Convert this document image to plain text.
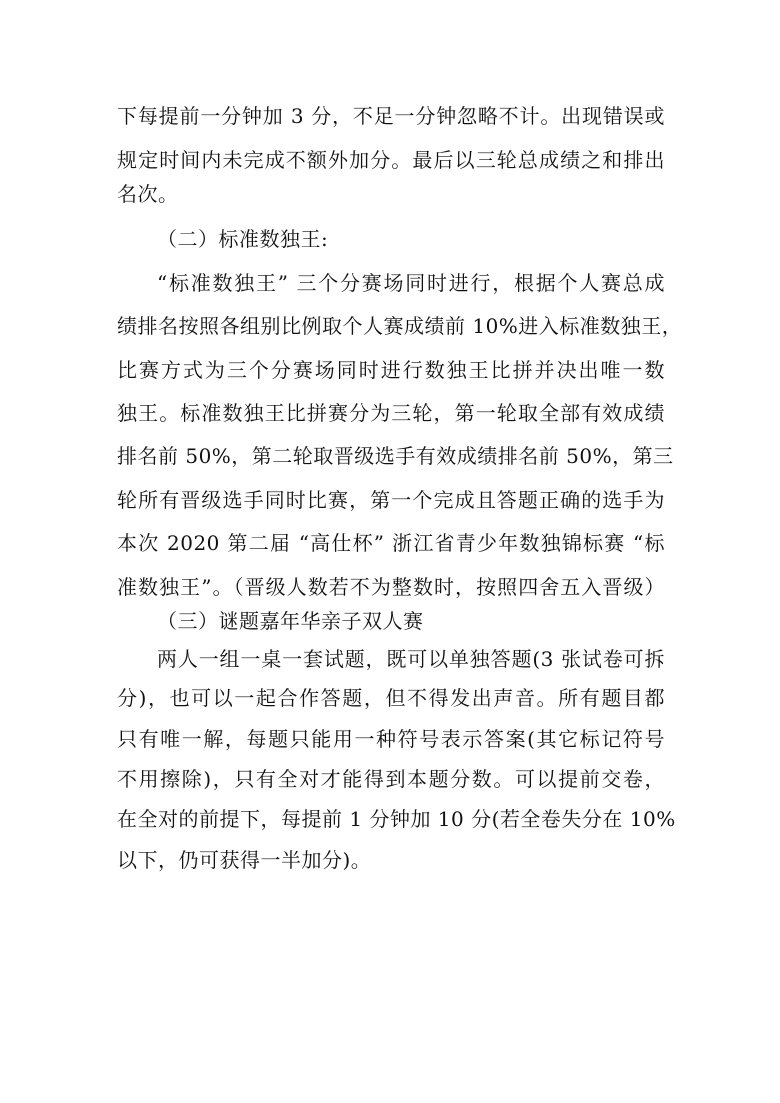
下每提前一分钟加 3 分，不足一分钟忽略不计。出现错误或
规定时间内未完成不额外加分。最后以三轮总成绩之和排出
名次。
（二）标准数独王:
“标准数独王” 三个分赛场同时进行，根据个人赛总成
绩排名按照各组别比例取个人赛成绩前 10%进入标准数独王，
比赛方式为三个分赛场同时进行数独王比拼并决出唯一数
独王。标准数独王比拼赛分为三轮，第一轮取全部有效成绩
排名前 50%，第二轮取晋级选手有效成绩排名前 50%，第三
轮所有晋级选手同时比赛，第一个完成且答题正确的选手为
本次 2020 第二届 “高仕杯” 浙江省青少年数独锦标赛 “标
准数独王”。（晋级人数若不为整数时，按照四舍五入晋级）
（三）谜题嘉年华亲子双人赛
两人一组一桌一套试题，既可以单独答题(3 张试卷可拆
分)，也可以一起合作答题，但不得发出声音。所有题目都
只有唯一解，每题只能用一种符号表示答案(其它标记符号
不用擦除)，只有全对才能得到本题分数。可以提前交卷，
在全对的前提下，每提前 1 分钟加 10 分(若全卷失分在 10%
以下，仍可获得一半加分)。
